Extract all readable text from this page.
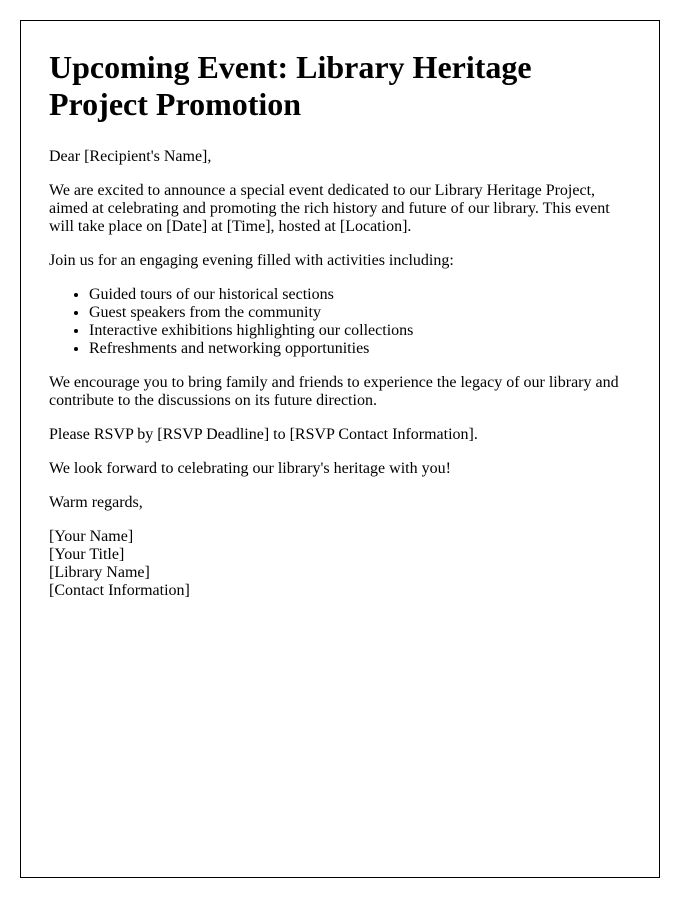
Upcoming Event: Library Heritage Project Promotion

Dear [Recipient's Name],

We are excited to announce a special event dedicated to our Library Heritage Project, aimed at celebrating and promoting the rich history and future of our library. This event will take place on [Date] at [Time], hosted at [Location].

Join us for an engaging evening filled with activities including:

• Guided tours of our historical sections
• Guest speakers from the community
• Interactive exhibitions highlighting our collections
• Refreshments and networking opportunities

We encourage you to bring family and friends to experience the legacy of our library and contribute to the discussions on its future direction.

Please RSVP by [RSVP Deadline] to [RSVP Contact Information].

We look forward to celebrating our library's heritage with you!

Warm regards,

[Your Name]
[Your Title]
[Library Name]
[Contact Information]
